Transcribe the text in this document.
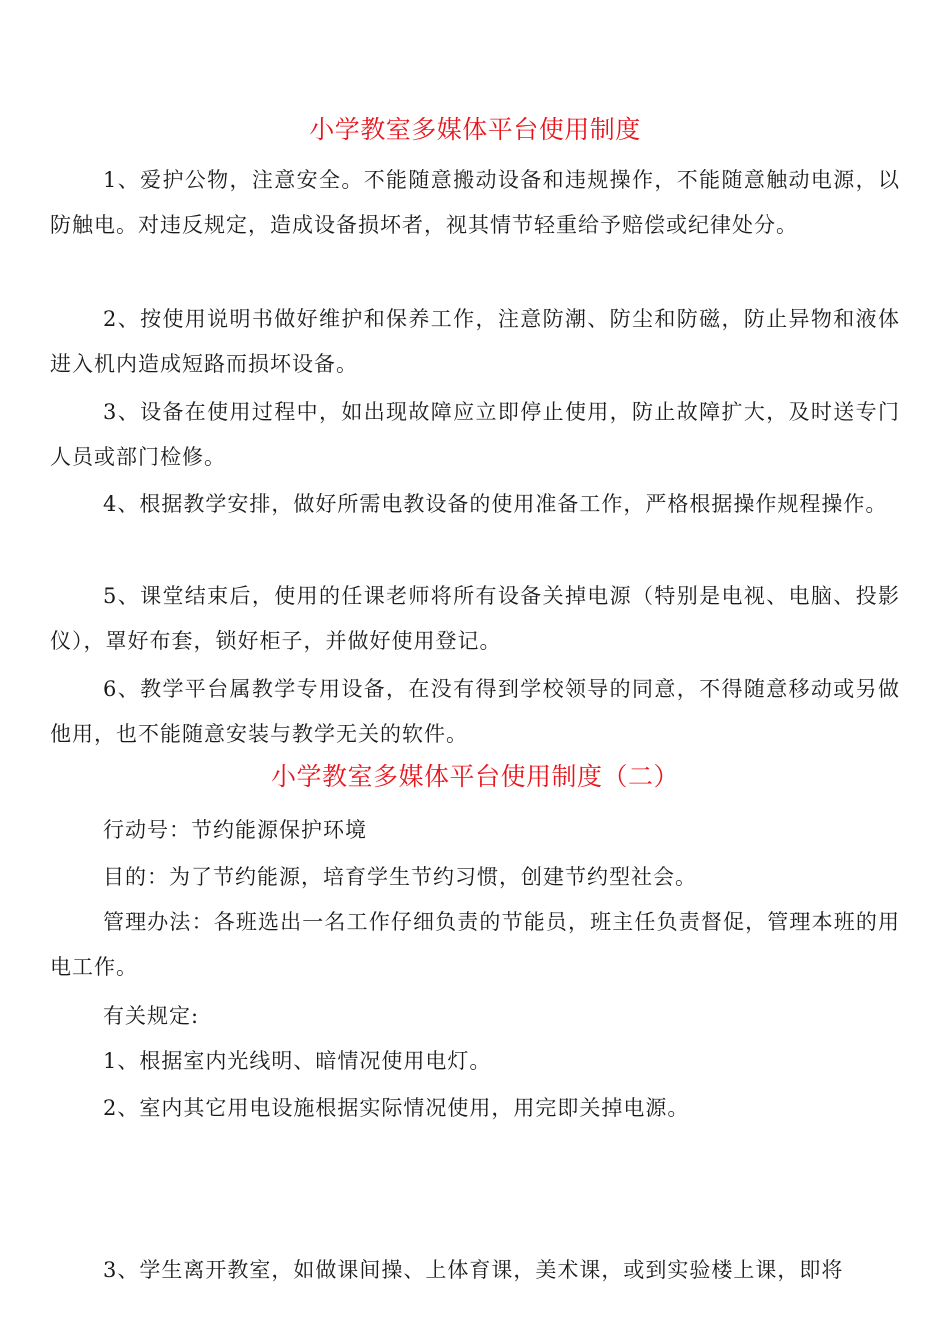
小学教室多媒体平台使用制度

1、爱护公物，注意安全。不能随意搬动设备和违规操作，不能随意触动电源，以防触电。对违反规定，造成设备损坏者，视其情节轻重给予赔偿或纪律处分。

2、按使用说明书做好维护和保养工作，注意防潮、防尘和防磁，防止异物和液体进入机内造成短路而损坏设备。

3、设备在使用过程中，如出现故障应立即停止使用，防止故障扩大，及时送专门人员或部门检修。

4、根据教学安排，做好所需电教设备的使用准备工作，严格根据操作规程操作。

5、课堂结束后，使用的任课老师将所有设备关掉电源（特别是电视、电脑、投影仪），罩好布套，锁好柜子，并做好使用登记。

6、教学平台属教学专用设备，在没有得到学校领导的同意，不得随意移动或另做他用，也不能随意安装与教学无关的软件。

小学教室多媒体平台使用制度（二）

行动号：节约能源保护环境

目的：为了节约能源，培育学生节约习惯，创建节约型社会。

管理办法：各班选出一名工作仔细负责的节能员，班主任负责督促，管理本班的用电工作。

有关规定:

1、根据室内光线明、暗情况使用电灯。

2、室内其它用电设施根据实际情况使用，用完即关掉电源。

3、学生离开教室，如做课间操、上体育课，美术课，或到实验楼上课，即将
